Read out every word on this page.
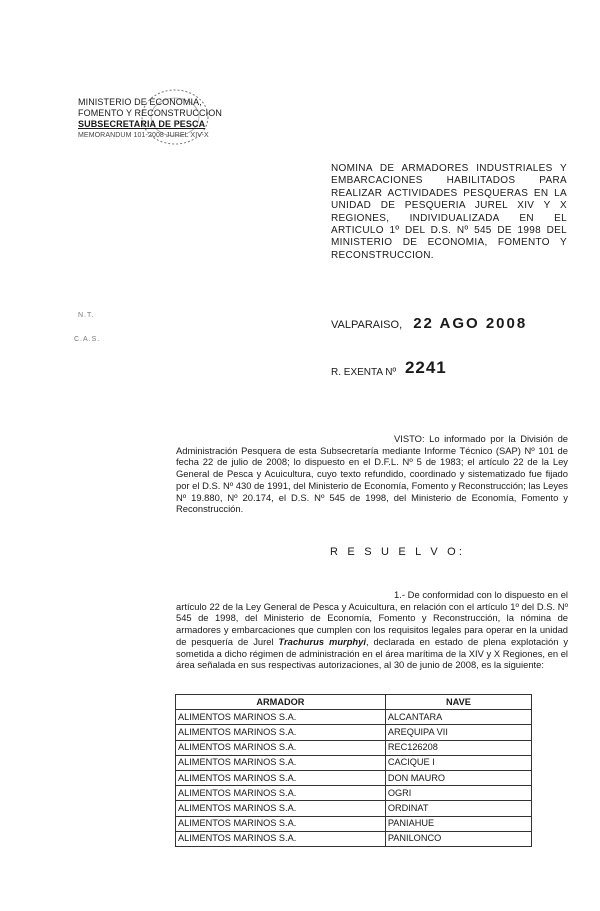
MINISTERIO DE ECONOMIA,
FOMENTO Y RECONSTRUCCION
SUBSECRETARIA DE PESCA
MEMORANDUM 101-2008 JUREL XIV-X
NOMINA DE ARMADORES INDUSTRIALES Y EMBARCACIONES HABILITADOS PARA REALIZAR ACTIVIDADES PESQUERAS EN LA UNIDAD DE PESQUERIA JUREL XIV Y X REGIONES, INDIVIDUALIZADA EN EL ARTICULO 1º DEL D.S. Nº 545 DE 1998 DEL MINISTERIO DE ECONOMIA, FOMENTO Y RECONSTRUCCION.
N.T.
C.A.S.
VALPARAISO, 22 AGO 2008
R. EXENTA Nº 2241
VISTO: Lo informado por la División de Administración Pesquera de esta Subsecretaría mediante Informe Técnico (SAP) Nº 101 de fecha 22 de julio de 2008; lo dispuesto en el D.F.L. Nº 5 de 1983; el artículo 22 de la Ley General de Pesca y Acuicultura, cuyo texto refundido, coordinado y sistematizado fue fijado por el D.S. Nº 430 de 1991, del Ministerio de Economía, Fomento y Reconstrucción; las Leyes Nº 19.880, Nº 20.174, el D.S. Nº 545 de 1998, del Ministerio de Economía, Fomento y Reconstrucción.
R E S U E L V O:
1.- De conformidad con lo dispuesto en el artículo 22 de la Ley General de Pesca y Acuicultura, en relación con el artículo 1º del D.S. Nº 545 de 1998, del Ministerio de Economía, Fomento y Reconstrucción, la nómina de armadores y embarcaciones que cumplen con los requisitos legales para operar en la unidad de pesquería de Jurel Trachurus murphyi, declarada en estado de plena explotación y sometida a dicho régimen de administración en el área marítima de la XIV y X Regiones, en el área señalada en sus respectivas autorizaciones, al 30 de junio de 2008, es la siguiente:
ARMADOR	NAVE
ALIMENTOS MARINOS S.A.	ALCANTARA
ALIMENTOS MARINOS S.A.	AREQUIPA VII
ALIMENTOS MARINOS S.A.	REC126208
ALIMENTOS MARINOS S.A.	CACIQUE I
ALIMENTOS MARINOS S.A.	DON MAURO
ALIMENTOS MARINOS S.A.	OGRI
ALIMENTOS MARINOS S.A.	ORDINAT
ALIMENTOS MARINOS S.A.	PANIAHUE
ALIMENTOS MARINOS S.A.	PANILONCO
